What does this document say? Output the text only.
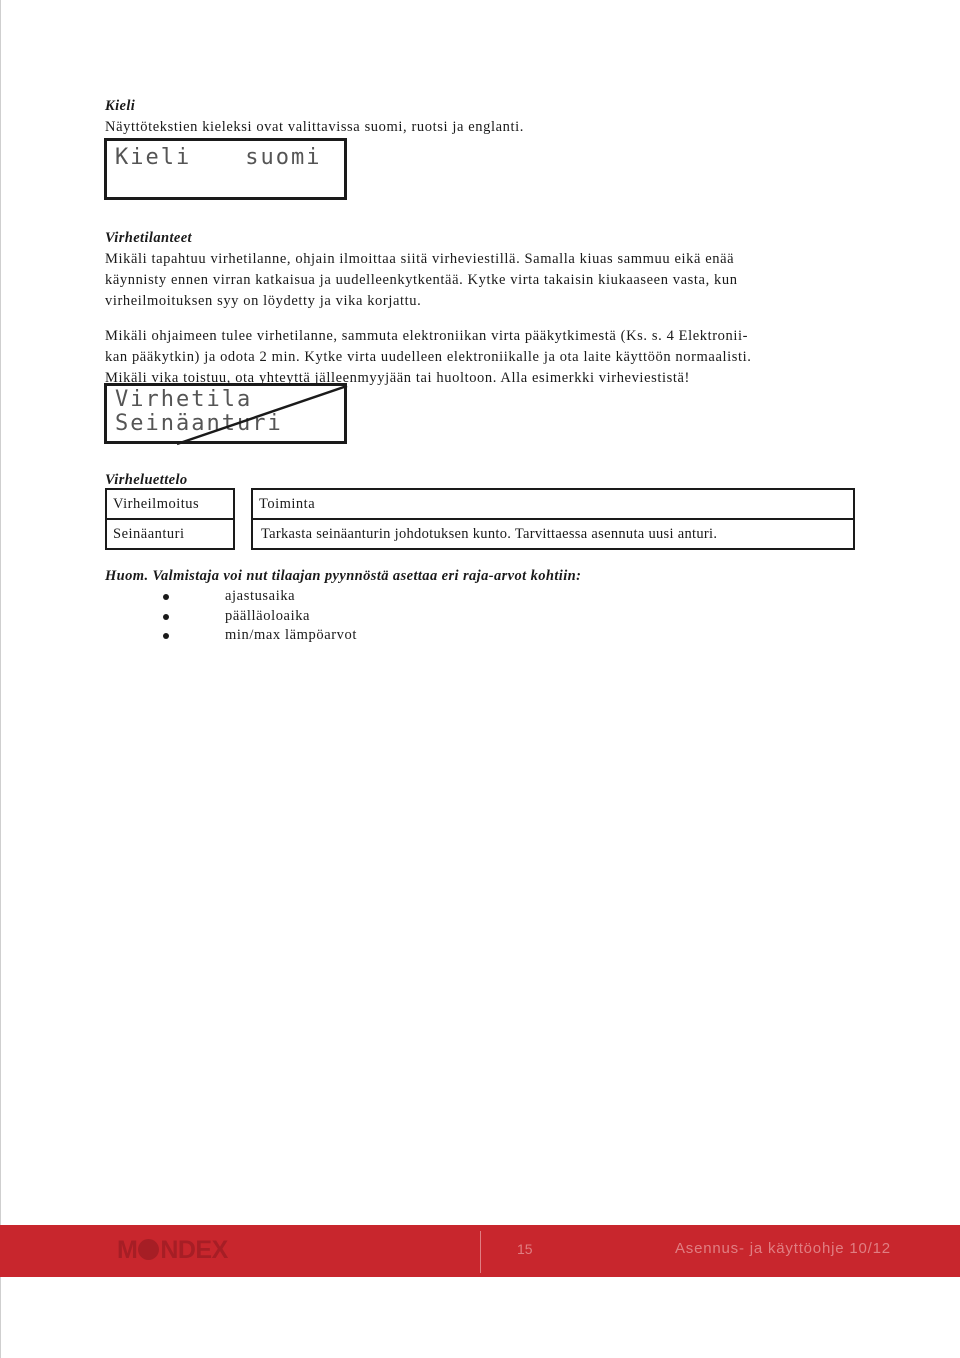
Kieli

Näyttötekstien kieleksi ovat valittavissa suomi, ruotsi ja englanti.

Kieli suomi
Virhetilanteet

Mikäli tapahtuu virhetilanne, ohjain ilmoittaa siitä virheviestillä. Samalla kiuas sammuu eikä enää
käynnisty ennen virran katkaisua ja uudelleenkytkentää. Kytke virta takaisin kiukaaseen vasta, kun
virheilmoituksen syy on löydetty ja vika korjattu.

Mikäli ohjaimeen tulee virhetilanne, sammuta elektroniikan virta pääkytkimestä (Ks. s. 4 Elektronii-
kan pääkytkin) ja odota 2 min. Kytke virta uudelleen elektroniikalle ja ota laite käyttöön normaalisti.
Mikäli vika toistuu, ota yhteyttä jälleenmyyjään tai huoltoon. Alla esimerkki virheviestistä!

Virhetila
Seinäanturi
Virheluettelo
Virheilmoitus	Toiminta
Seinäanturi	Tarkasta seinäanturin johdotuksen kunto. Tarvittaessa asennuta uusi anturi.
Huom. Valmistaja voi nut tilaajan pyynnöstä asettaa eri raja-arvot kohtiin:
ajastusaika
päälläoloaika
min/max lämpöarvot
M NDEX	15	Asennus- ja käyttöohje 10/12
